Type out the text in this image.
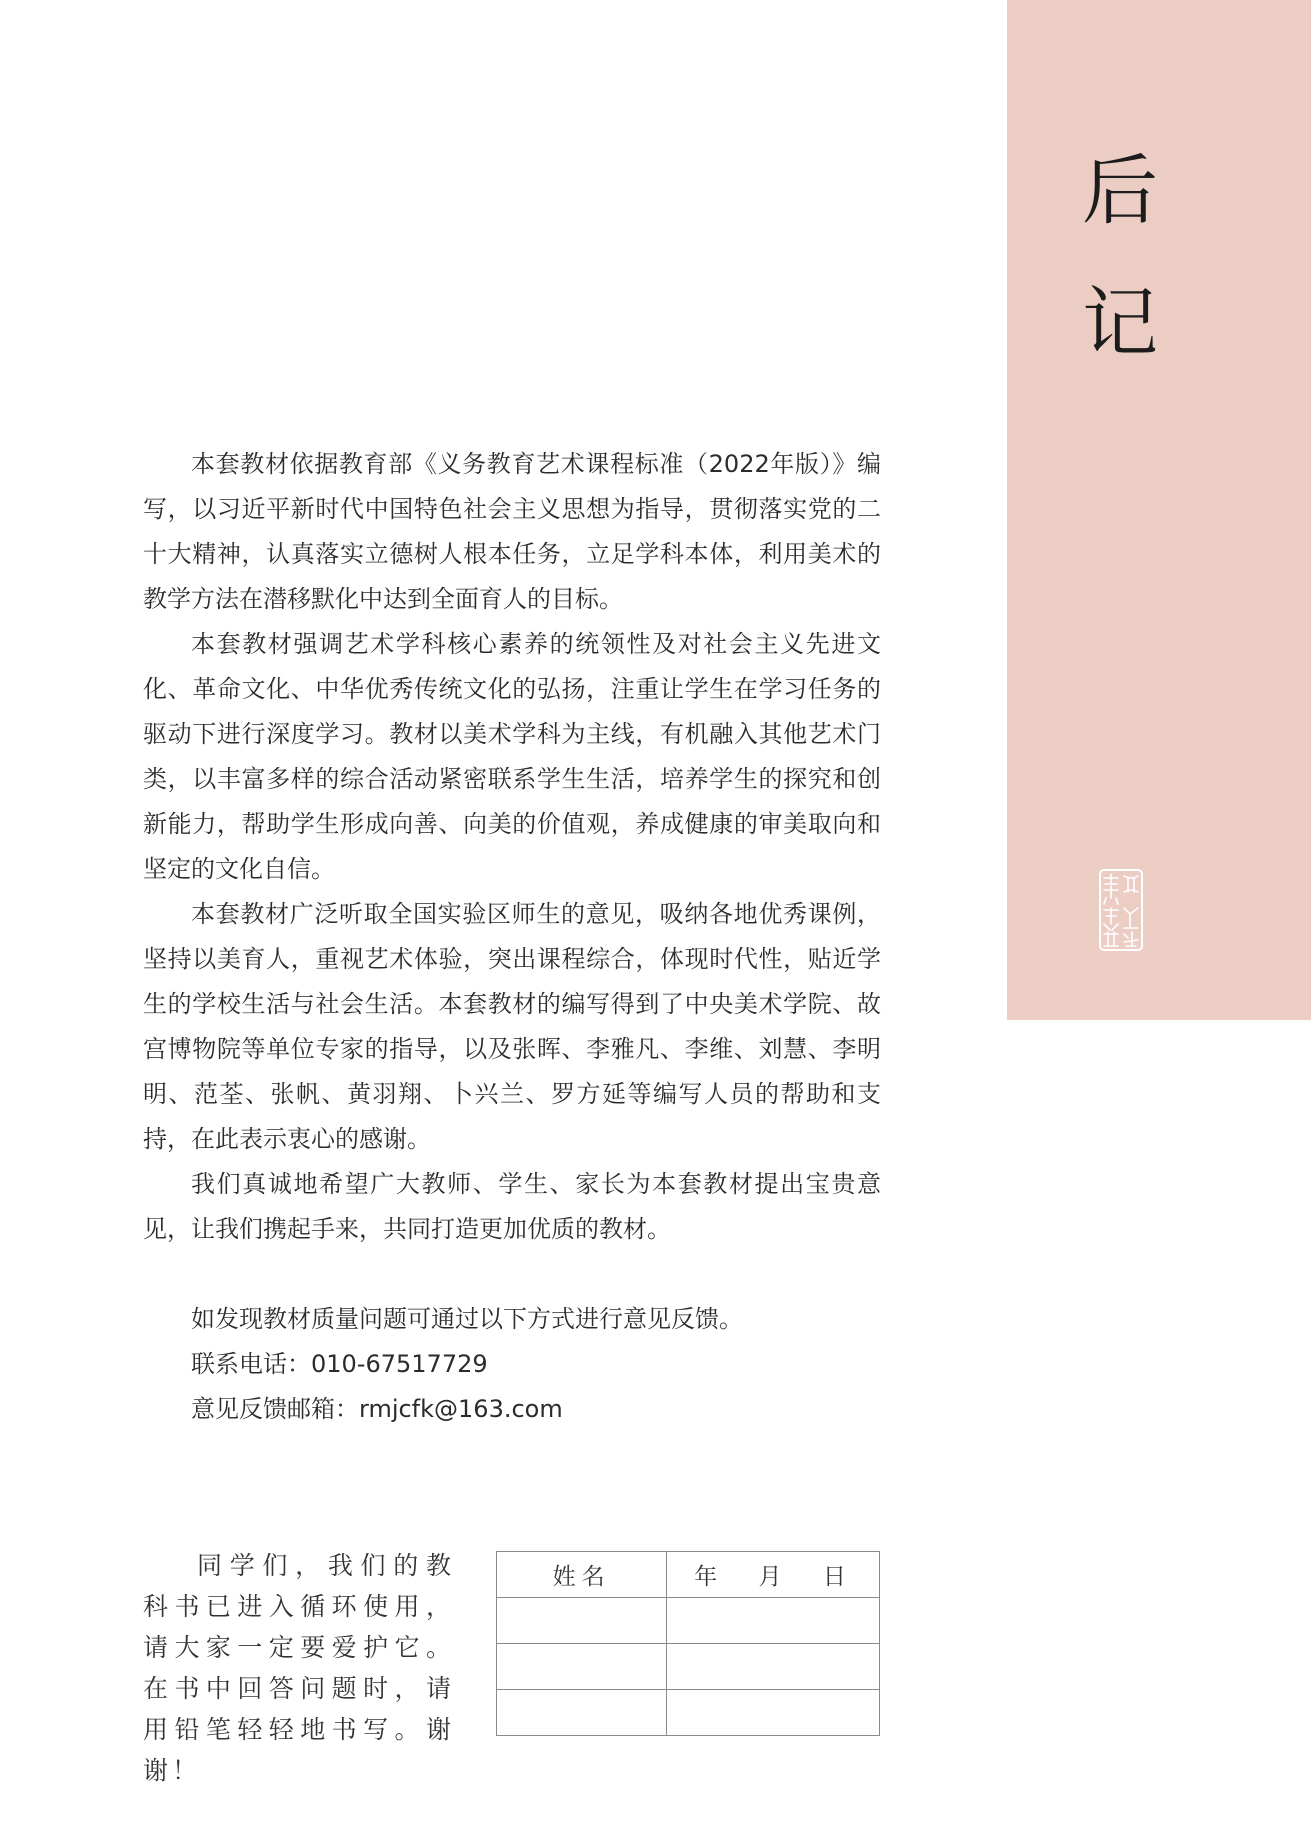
后
记

本套教材依据教育部《义务教育艺术课程标准（2022年版）》编写，以习近平新时代中国特色社会主义思想为指导，贯彻落实党的二十大精神，认真落实立德树人根本任务，立足学科本体，利用美术的教学方法在潜移默化中达到全面育人的目标。

本套教材强调艺术学科核心素养的统领性及对社会主义先进文化、革命文化、中华优秀传统文化的弘扬，注重让学生在学习任务的驱动下进行深度学习。教材以美术学科为主线，有机融入其他艺术门类，以丰富多样的综合活动紧密联系学生生活，培养学生的探究和创新能力，帮助学生形成向善、向美的价值观，养成健康的审美取向和坚定的文化自信。

本套教材广泛听取全国实验区师生的意见，吸纳各地优秀课例，坚持以美育人，重视艺术体验，突出课程综合，体现时代性，贴近学生的学校生活与社会生活。本套教材的编写得到了中央美术学院、故宫博物院等单位专家的指导，以及张晖、李雅凡、李维、刘慧、李明明、范荃、张帆、黄羽翔、卜兴兰、罗方延等编写人员的帮助和支持，在此表示衷心的感谢。

我们真诚地希望广大教师、学生、家长为本套教材提出宝贵意见，让我们携起手来，共同打造更加优质的教材。

如发现教材质量问题可通过以下方式进行意见反馈。
联系电话：010-67517729
意见反馈邮箱：rmjcfk@163.com
同学们，我们的教科书已进入循环使用，请大家一定要爱护它。在书中回答问题时，请用铅笔轻轻地书写。谢谢！
姓名	年 月 日
